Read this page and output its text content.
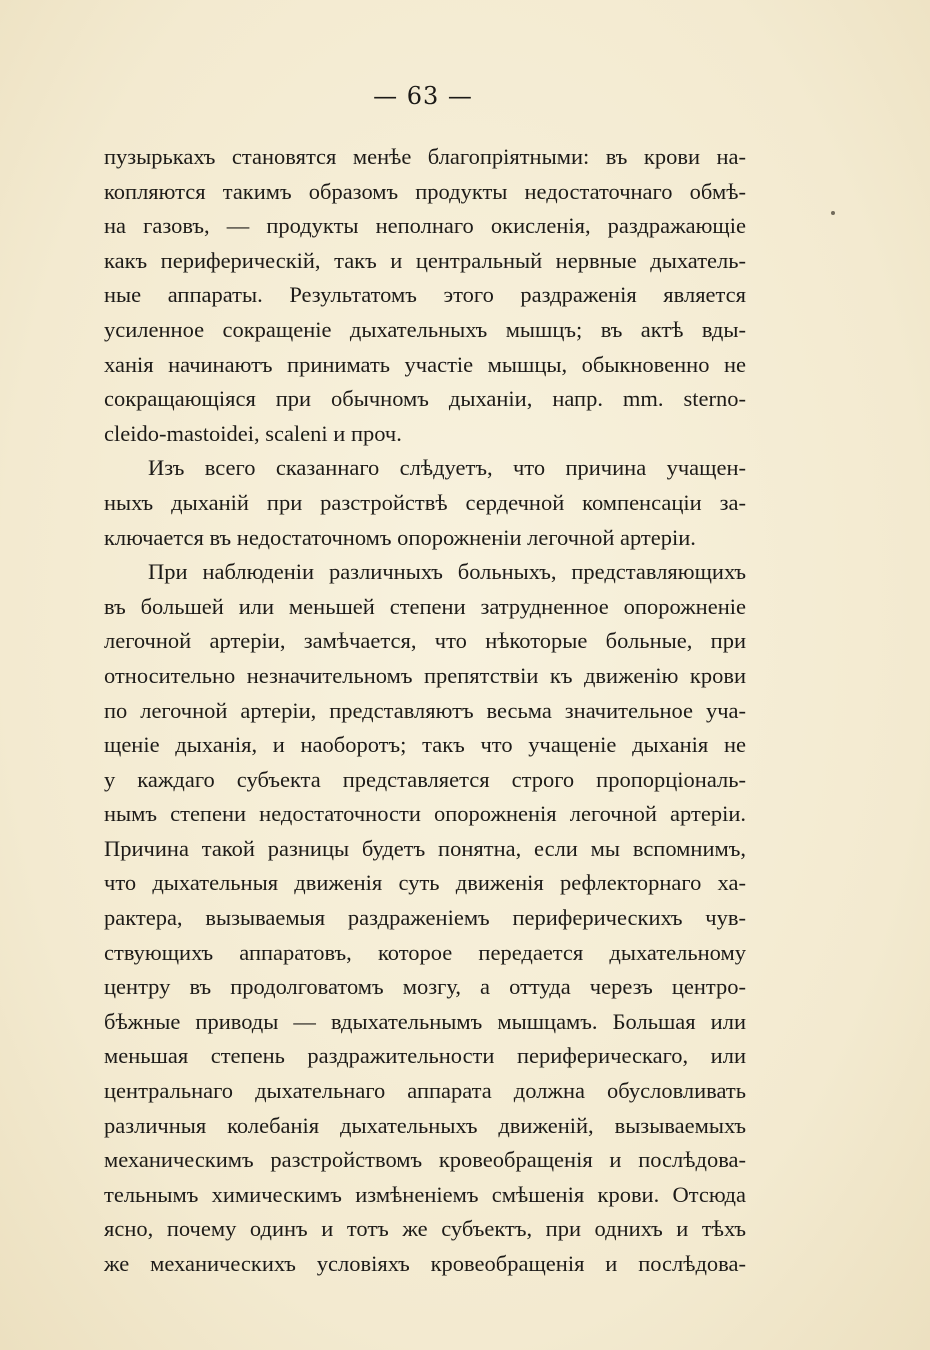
— 63 —
пузырькахъ становятся менѣе благопріятными: въ крови на-
копляются такимъ образомъ продукты недостаточнаго обмѣ-
на газовъ, — продукты неполнаго окисленія, раздражающіе
какъ периферическій, такъ и центральный нервные дыхатель-
ные аппараты. Результатомъ этого раздраженія является
усиленное сокращеніе дыхательныхъ мышцъ; въ актѣ вды-
ханія начинаютъ принимать участіе мышцы, обыкновенно не
сокращающіяся при обычномъ дыханіи, напр. mm. sterno-
cleido-mastoidei, scaleni и проч.
Изъ всего сказаннаго слѣдуетъ, что причина учащен-
ныхъ дыханій при разстройствѣ сердечной компенсаціи за-
ключается въ недостаточномъ опорожненіи легочной артеріи.
При наблюденіи различныхъ больныхъ, представляющихъ
въ большей или меньшей степени затрудненное опорожненіе
легочной артеріи, замѣчается, что нѣкоторые больные, при
относительно незначительномъ препятствіи къ движенію крови
по легочной артеріи, представляютъ весьма значительное уча-
щеніе дыханія, и наоборотъ; такъ что учащеніе дыханія не
у каждаго субъекта представляется строго пропорціональ-
нымъ степени недостаточности опорожненія легочной артеріи.
Причина такой разницы будетъ понятна, если мы вспомнимъ,
что дыхательныя движенія суть движенія рефлекторнаго ха-
рактера, вызываемыя раздраженіемъ периферическихъ чув-
ствующихъ аппаратовъ, которое передается дыхательному
центру въ продолговатомъ мозгу, а оттуда черезъ центро-
бѣжные приводы — вдыхательнымъ мышцамъ. Большая или
меньшая степень раздражительности периферическаго, или
центральнаго дыхательнаго аппарата должна обусловливать
различныя колебанія дыхательныхъ движеній, вызываемыхъ
механическимъ разстройствомъ кровеобращенія и послѣдова-
тельнымъ химическимъ измѣненіемъ смѣшенія крови. Отсюда
ясно, почему одинъ и тотъ же субъектъ, при однихъ и тѣхъ
же механическихъ условіяхъ кровеобращенія и послѣдова-
